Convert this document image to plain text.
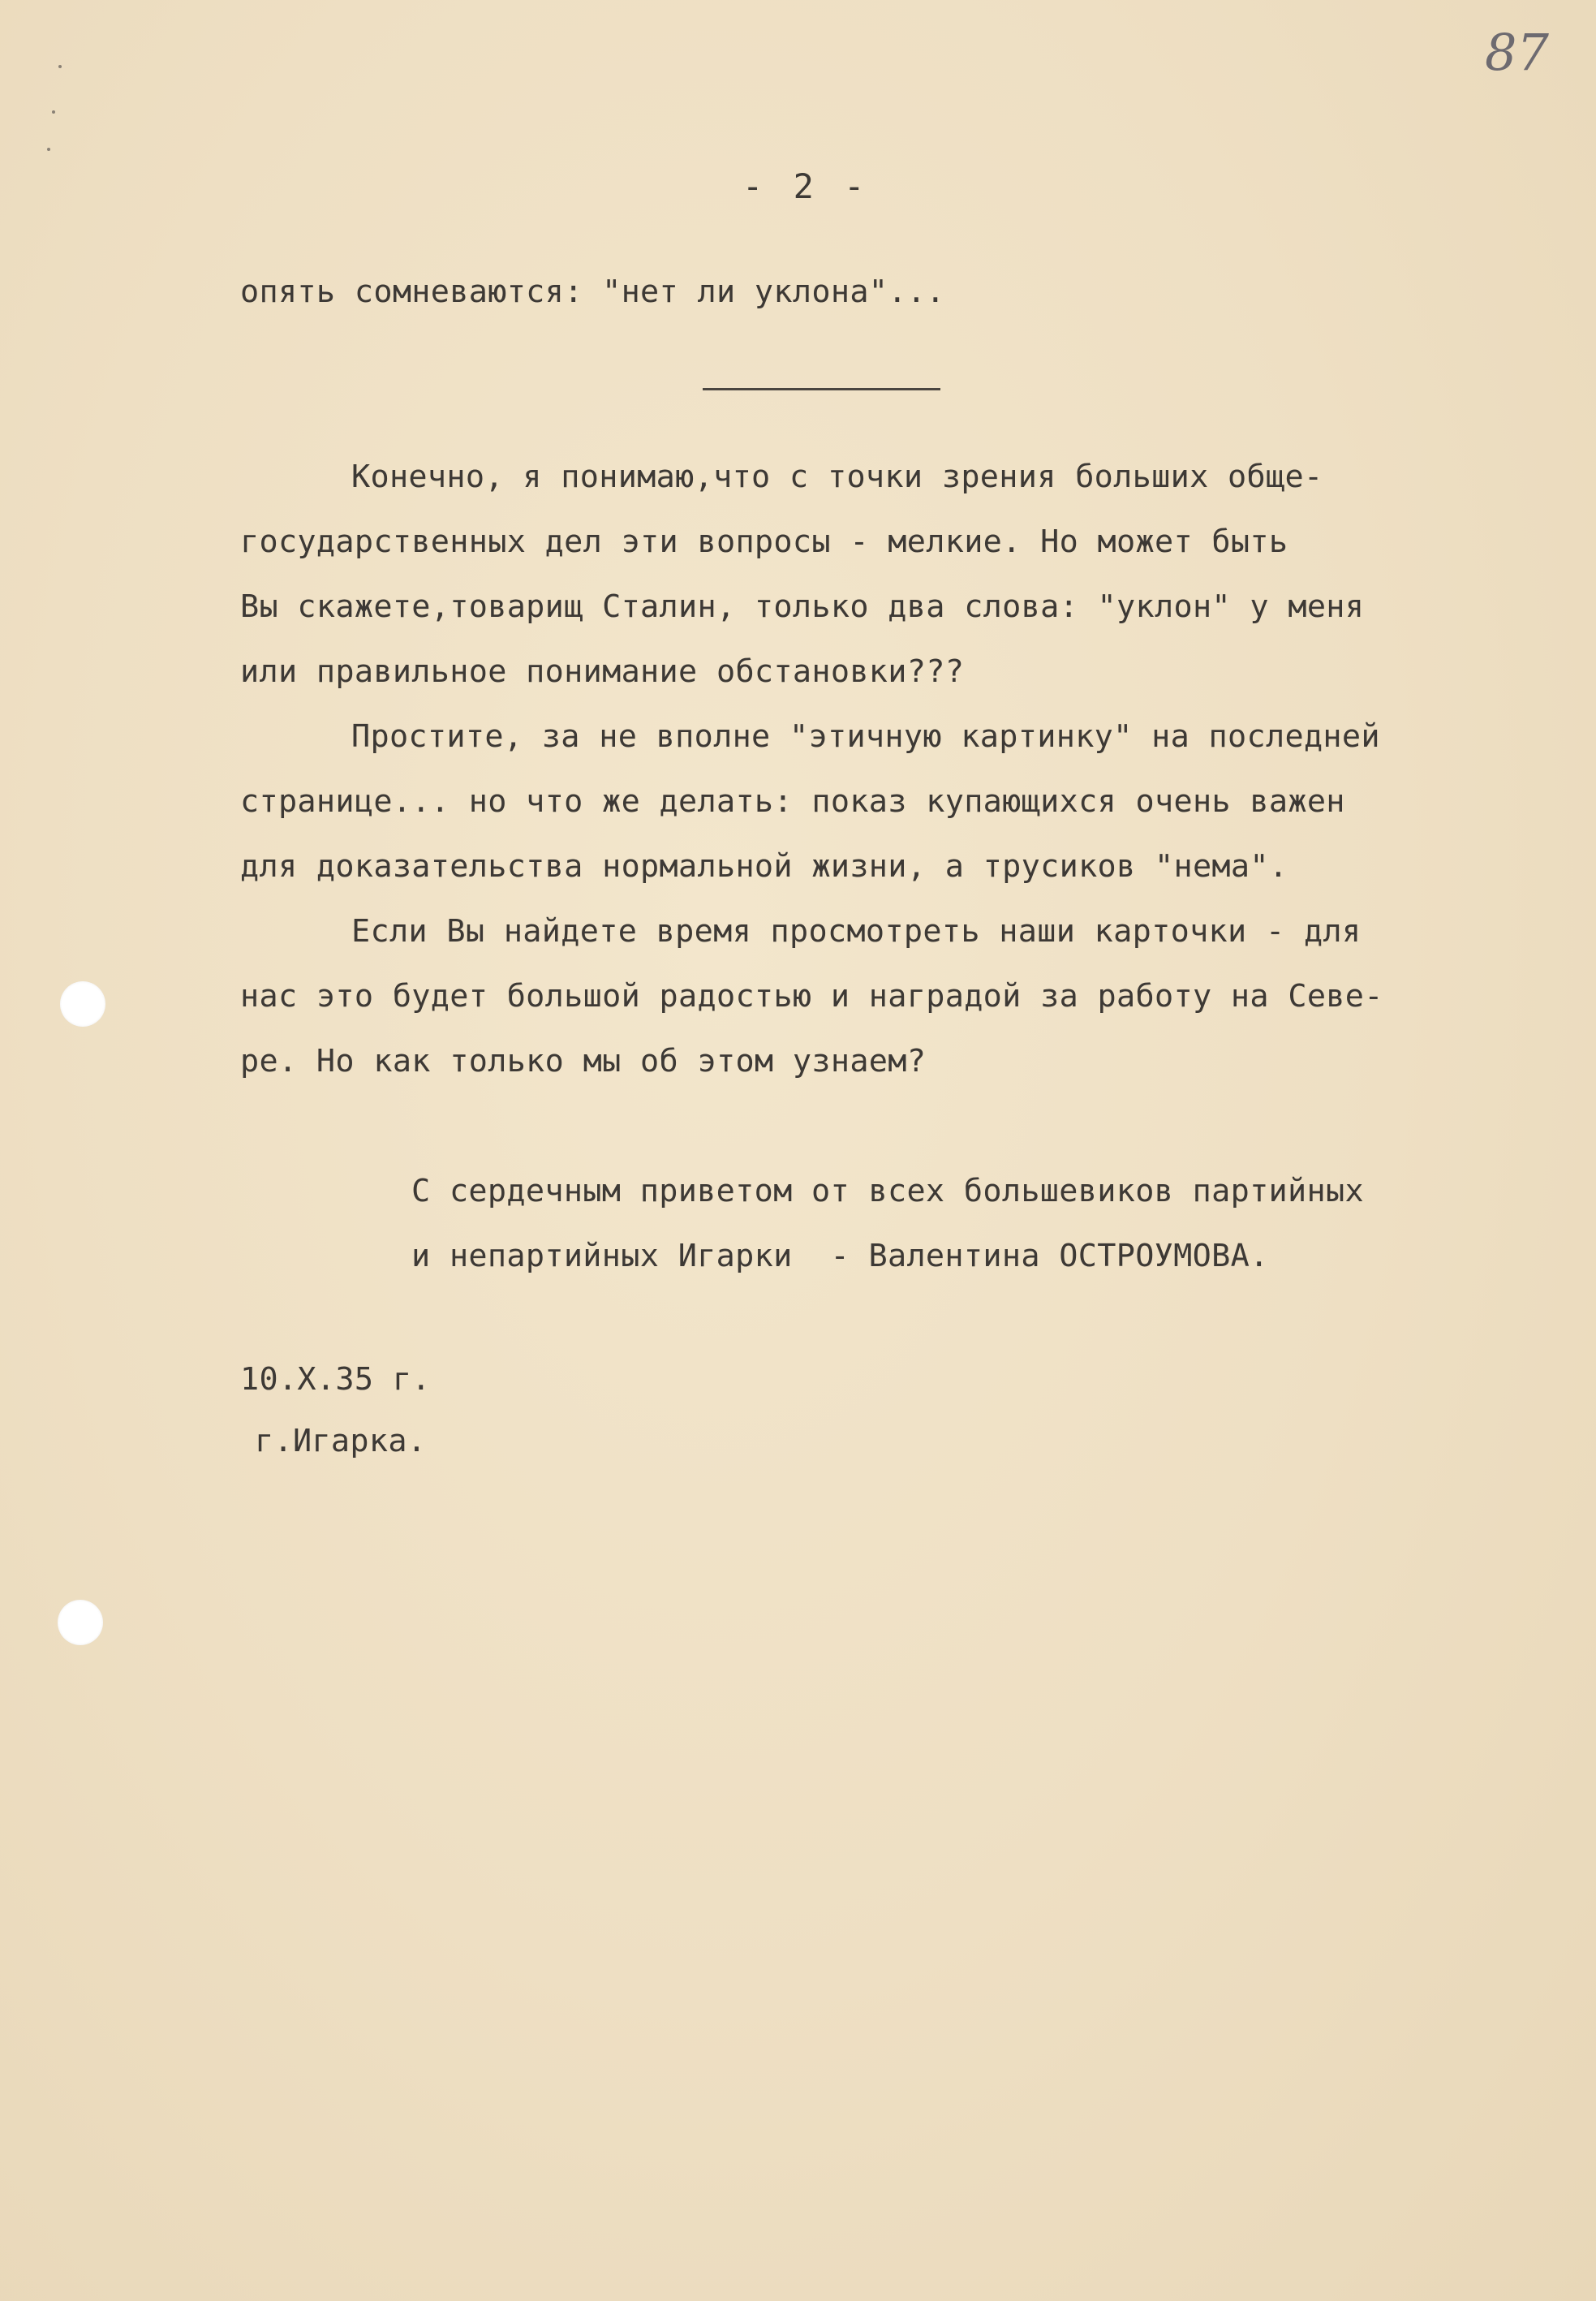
87
- 2 -
опять сомневаются: "нет ли уклона"...
Конечно, я понимаю,что с точки зрения больших обще-
государственных дел эти вопросы - мелкие. Но может быть
Вы скажете,товарищ Сталин, только два слова: "уклон" у меня
или правильное понимание обстановки???
Простите, за не вполне "этичную картинку" на последней
странице... но что же делать: показ купающихся очень важен
для доказательства нормальной жизни, а трусиков "нема".
Если Вы найдете время просмотреть наши карточки - для
нас это будет большой радостью и наградой за работу на Севе-
ре. Но как только мы об этом узнаем?
С сердечным приветом от всех большевиков партийных
и непартийных Игарки  - Валентина ОСТРОУМОВА.
10.X.35 г.
г.Игарка.
